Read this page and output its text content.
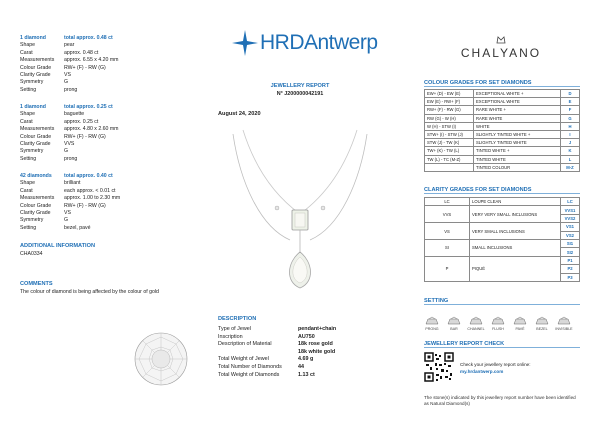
1 diamond	total approx. 0.48 ct
Shape	pear
Carat	approx. 0.48 ct
Measurements	approx. 6.55 x 4.20 mm
Colour Grade	RW+ (F) - RW (G)
Clarity Grade	VS
Symmetry	G
Setting	prong
1 diamond	total approx. 0.25 ct
Shape	baguette
Carat	approx. 0.25 ct
Measurements	approx. 4.80 x 2.60 mm
Colour Grade	RW+ (F) - RW (G)
Clarity Grade	VVS
Symmetry	G
Setting	prong
42 diamonds	total approx. 0.40 ct
Shape	brilliant
Carat	each approx. < 0.01 ct
Measurements	approx. 1.00 to 2.30 mm
Colour Grade	RW+ (F) - RW (G)
Clarity Grade	VS
Symmetry	G
Setting	bezel, pavé
ADDITIONAL INFORMATION
CHA0334
COMMENTS
The colour of diamond is being affected by the colour of gold
HRDAntwerp
JEWELLERY REPORT
N° J200000042191
August 24, 2020
DESCRIPTION
Type of Jewel	pendant+chain
Inscription	AU750
Description of Material	18k rose gold
18k white gold
Total Weight of Jewel	4.69 g
Total Number of Diamonds	44
Total Weight of Diamonds	1.13 ct
CHALYANO
COLOUR GRADES FOR SET DIAMONDS
EW+ (D) - EW (E)	EXCEPTIONAL WHITE +	D
EW (E) - RW+ (F)	EXCEPTIONAL WHITE	E
RW+ (F) - RW (G)	RARE WHITE +	F
RW (G) - W (H)	RARE WHITE	G
W (H) - STW (I)	WHITE	H
STW+ (I) - STW (J)	SLIGHTLY TINTED WHITE +	I
STW (J) - TW (K)	SLIGHTLY TINTED WHITE	J
TW+ (K) - TW (L)	TINTED WHITE +	K
TW (L) - TC (M-Z)	TINTED WHITE	L
	TINTED COLOUR	M-Z
CLARITY GRADES FOR SET DIAMONDS
LC	LOUPE CLEAN	LC
VVS	VERY VERY SMALL INCLUSIONS	VVS1
		VVS2
VS	VERY SMALL INCLUSIONS	VS1
		VS2
SI	SMALL INCLUSIONS	SI1
		SI2
P	PIQUÉ	P1
		P2
		P3
SETTING
PRONG	BAR	CHANNEL	FLUSH	PAVÉ	BEZEL	INVISIBLE
JEWELLERY REPORT CHECK
Check your jewellery report online:
my.hrdantwerp.com
The stone(s) indicated by this jewellery report number have been identified as Natural Diamond(s)
